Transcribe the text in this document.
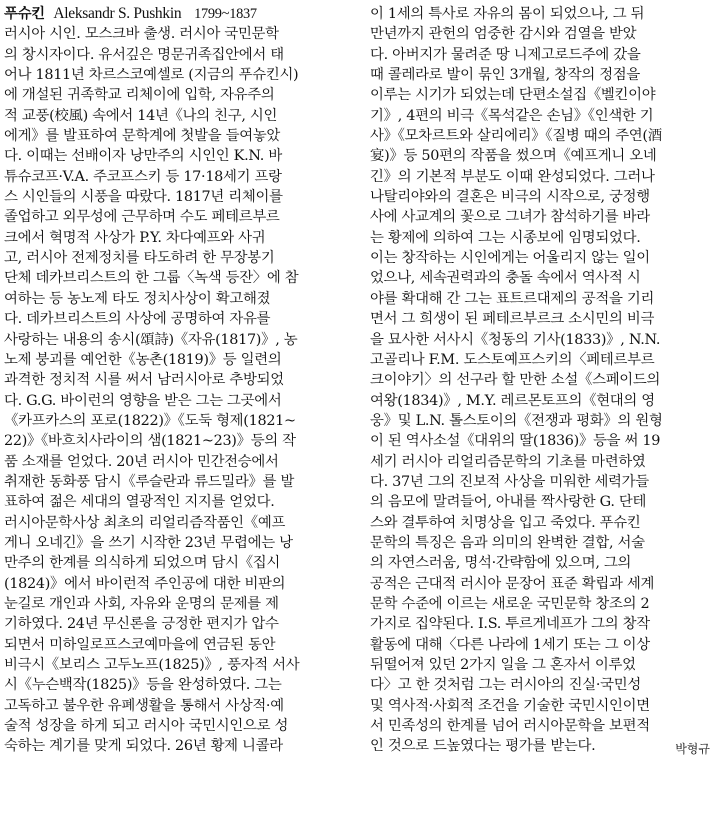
푸슈킨 Aleksandr S. Pushkin 1799~1837
러시아 시인. 모스크바 출생. 러시아 국민문학
의 창시자이다. 유서깊은 명문귀족집안에서 태
어나 1811년 차르스코예셀로 (지금의 푸슈킨시)
에 개설된 귀족학교 리체이에 입학, 자유주의
적 교풍(校風) 속에서 14년《나의 친구, 시인
에게》를 발표하여 문학계에 첫발을 들여놓았
다. 이때는 선배이자 낭만주의 시인인 K.N. 바
튜슈코프·V.A. 주코프스키 등 17·18세기 프랑
스 시인들의 시풍을 따랐다. 1817년 리체이를
졸업하고 외무성에 근무하며 수도 페테르부르
크에서 혁명적 사상가 P.Y. 차다예프와 사귀
고, 러시아 전제정치를 타도하려 한 무장봉기
단체 데카브리스트의 한 그룹〈녹색 등잔〉에 참
여하는 등 농노제 타도 정치사상이 확고해졌
다. 데카브리스트의 사상에 공명하여 자유를
사랑하는 내용의 송시(頌詩)《자유(1817)》, 농
노제 붕괴를 예언한《농촌(1819)》등 일련의
과격한 정치적 시를 써서 남러시아로 추방되었
다. G.G. 바이런의 영향을 받은 그는 그곳에서
《카프카스의 포로(1822)》《도둑 형제(1821~
22)》《바흐치사라이의 샘(1821~23)》등의 작
품 소재를 얻었다. 20년 러시아 민간전승에서
취재한 동화풍 담시《루슬란과 류드밀라》를 발
표하여 젊은 세대의 열광적인 지지를 얻었다.
러시아문학사상 최초의 리얼리즘작품인《예프
게니 오네긴》을 쓰기 시작한 23년 무렵에는 낭
만주의 한계를 의식하게 되었으며 담시《집시
(1824)》에서 바이런적 주인공에 대한 비판의
눈길로 개인과 사회, 자유와 운명의 문제를 제
기하였다. 24년 무신론을 긍정한 편지가 압수
되면서 미하일로프스코예마을에 연금된 동안
비극시《보리스 고두노프(1825)》, 풍자적 서사
시《누슨백작(1825)》등을 완성하였다. 그는
고독하고 불우한 유폐생활을 통해서 사상적·예
술적 성장을 하게 되고 러시아 국민시인으로 성
숙하는 계기를 맞게 되었다. 26년 황제 니콜라
이 1세의 특사로 자유의 몸이 되었으나, 그 뒤
만년까지 관헌의 엄중한 감시와 검열을 받았
다. 아버지가 물려준 땅 니제고로드주에 갔을
때 콜레라로 발이 묶인 3개월, 창작의 정점을
이루는 시기가 되었는데 단편소설집《벨킨이야
기》, 4편의 비극《목석같은 손님》《인색한 기
사》《모차르트와 살리에리》《질병 때의 주연(酒
宴)》등 50편의 작품을 썼으며《예프게니 오네
긴》의 기본적 부분도 이때 완성되었다. 그러나
나탈리야와의 결혼은 비극의 시작으로, 궁정행
사에 사교계의 꽃으로 그녀가 참석하기를 바라
는 황제에 의하여 그는 시종보에 임명되었다.
이는 창작하는 시인에게는 어울리지 않는 일이
었으나, 세속권력과의 충돌 속에서 역사적 시
야를 확대해 간 그는 표트르대제의 공적을 기리
면서 그 희생이 된 페테르부르크 소시민의 비극
을 묘사한 서사시《청동의 기사(1833)》, N.N.
고골리나 F.M. 도스토예프스키의〈페테르부르
크이야기〉의 선구라 할 만한 소설《스페이드의
여왕(1834)》, M.Y. 레르몬토프의《현대의 영
웅》및 L.N. 톨스토이의《전쟁과 평화》의 원형
이 된 역사소설《대위의 딸(1836)》등을 써 19
세기 러시아 리얼리즘문학의 기초를 마련하였
다. 37년 그의 진보적 사상을 미워한 세력가들
의 음모에 말려들어, 아내를 짝사랑한 G. 단테
스와 결투하여 치명상을 입고 죽었다. 푸슈킨
문학의 특징은 음과 의미의 완벽한 결합, 서술
의 자연스러움, 명석·간략함에 있으며, 그의
공적은 근대적 러시아 문장어 표준 확립과 세계
문학 수준에 이르는 새로운 국민문학 창조의 2
가지로 집약된다. I.S. 투르게네프가 그의 창작
활동에 대해〈다른 나라에 1세기 또는 그 이상
뒤떨어져 있던 2가지 일을 그 혼자서 이루었
다〉고 한 것처럼 그는 러시아의 진실·국민성
및 역사적·사회적 조건을 기술한 국민시인이면
서 민족성의 한계를 넘어 러시아문학을 보편적
인 것으로 드높였다는 평가를 받는다.	박형규
